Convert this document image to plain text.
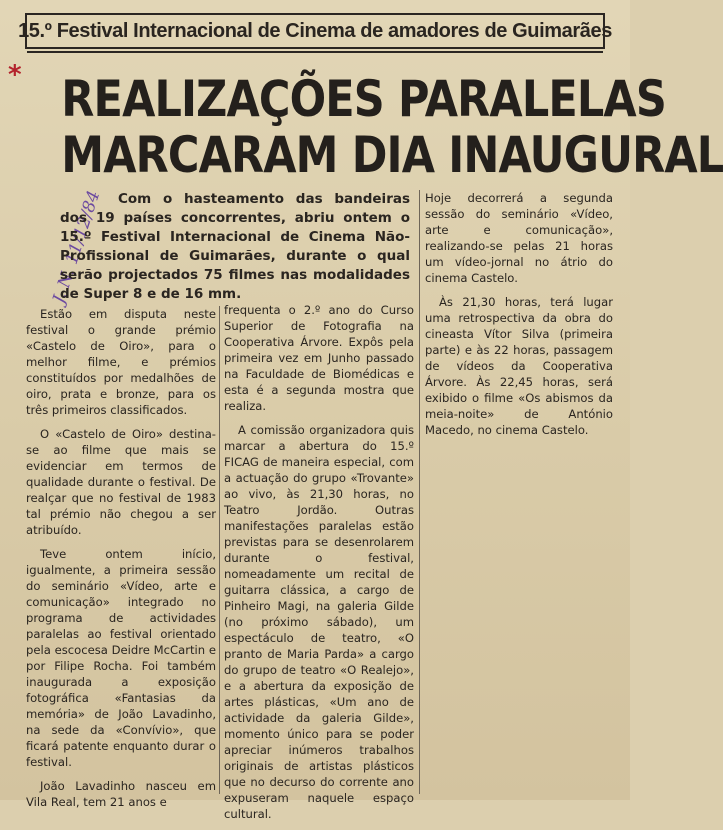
15.º Festival Internacional de Cinema de amadores de Guimarães
* REALIZAÇÕES PARALELAS
MARCARAM DIA INAUGURAL
J. N. 11/12/84	Com o hasteamento das bandeiras dos 19 países concorrentes, abriu ontem o 15.º Festival Internacional de Cinema Não-Profissional de Guimarães, durante o qual serão projectados 75 filmes nas modalidades de Super 8 e de 16 mm.

Estão em disputa neste festival o grande prémio «Castelo de Oiro», para o melhor filme, e prémios constituídos por medalhões de oiro, prata e bronze, para os três primeiros classificados.

O «Castelo de Oiro» destina-se ao filme que mais se evidenciar em termos de qualidade durante o festival. De realçar que no festival de 1983 tal prémio não chegou a ser atribuído.

Teve ontem início, igualmente, a primeira sessão do seminário «Vídeo, arte e comunicação» integrado no programa de actividades paralelas ao festival orientado pela escocesa Deidre McCartin e por Filipe Rocha. Foi também inaugurada a exposição fotográfica «Fantasias da memória» de João Lavadinho, na sede da «Convívio», que ficará patente enquanto durar o festival.

João Lavadinho nasceu em Vila Real, tem 21 anos e

frequenta o 2.º ano do Curso Superior de Fotografia na Cooperativa Árvore. Expôs pela primeira vez em Junho passado na Faculdade de Biomédicas e esta é a segunda mostra que realiza.

A comissão organizadora quis marcar a abertura do 15.º FICAG de maneira especial, com a actuação do grupo «Trovante» ao vivo, às 21,30 horas, no Teatro Jordão. Outras manifestações paralelas estão previstas para se desenrolarem durante o festival, nomeadamente um recital de guitarra clássica, a cargo de Pinheiro Magi, na galeria Gilde (no próximo sábado), um espectáculo de teatro, «O pranto de Maria Parda» a cargo do grupo de teatro «O Realejo», e a abertura da exposição de artes plásticas, «Um ano de actividade da galeria Gilde», momento único para se poder apreciar inúmeros trabalhos originais de artistas plásticos que no decurso do corrente ano expuseram naquele espaço cultural.

Hoje decorrerá a segunda sessão do seminário «Vídeo, arte e comunicação», realizando-se pelas 21 horas um vídeo-jornal no átrio do cinema Castelo.

Às 21,30 horas, terá lugar uma retrospectiva da obra do cineasta Vítor Silva (primeira parte) e às 22 horas, passagem de vídeos da Cooperativa Árvore. Às 22,45 horas, será exibido o filme «Os abismos da meia-noite» de António Macedo, no cinema Castelo.
